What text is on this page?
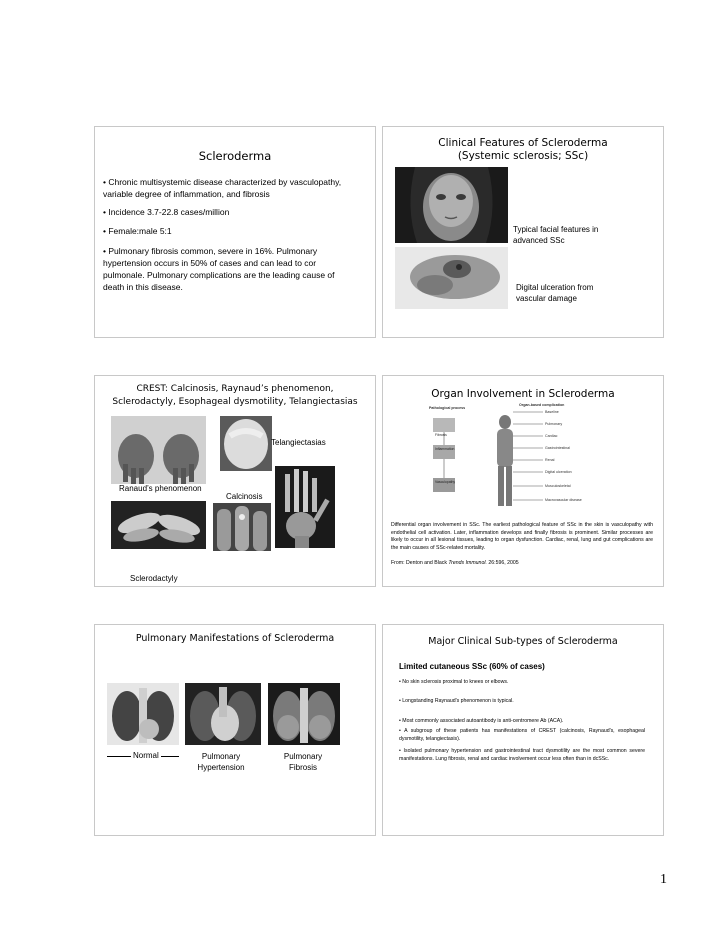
Scleroderma
• Chronic multisystemic disease characterized by vasculopathy, variable degree of inflammation, and fibrosis
• Incidence 3.7-22.8 cases/million
• Female:male 5:1
• Pulmonary fibrosis common, severe in 16%. Pulmonary hypertension occurs in 50% of cases and can lead to cor pulmonale. Pulmonary complications are the leading cause of death in this disease.
Clinical Features of Scleroderma
(Systemic sclerosis; SSc)
Typical facial features in advanced SSc
Digital ulceration from vascular damage
CREST: Calcinosis, Raynaud’s phenomenon,
Sclerodactyly, Esophageal dysmotility, Telangiectasias
Telangiectasias
Ranaud’s phenomenon
Calcinosis
Sclerodactyly
Organ Involvement in Scleroderma
Pathological process
Organ-based complication
Fibrosis
Inflammation
Vasculopathy
Baseline
Pulmonary
Cardiac
Gastrointestinal
Renal
Digital ulceration
Musculoskeletal
Macrovascular disease
Differential organ involvement in SSc. The earliest pathological feature of SSc in the skin is vasculopathy with endothelial cell activation. Later, inflammation develops and finally fibrosis is prominent. Similar processes are likely to occur in all lesional tissues, leading to organ dysfunction. Cardiac, renal, lung and gut complications are the main causes of SSc-related mortality.
From: Denton and Black Trends Immunol. 26:596, 2005
Pulmonary Manifestations of Scleroderma
Normal	Pulmonary Hypertension
Pulmonary Fibrosis
Major Clinical Sub-types of Scleroderma
Limited cutaneous SSc (60% of cases)
• No skin sclerosis proximal to knees or elbows.
• Longstanding Raynaud's phenomenon is typical.
• Most commonly associated autoantibody is anti-centromere Ab (ACA).
• A subgroup of these patients has manifestations of CREST (calcinosis, Raynaud's, esophageal dysmotility, telangiectasis).
• Isolated pulmonary hypertension and gastrointestinal tract dysmotility are the most common severe manifestations. Lung fibrosis, renal and cardiac involvement occur less often than in dcSSc.
1
